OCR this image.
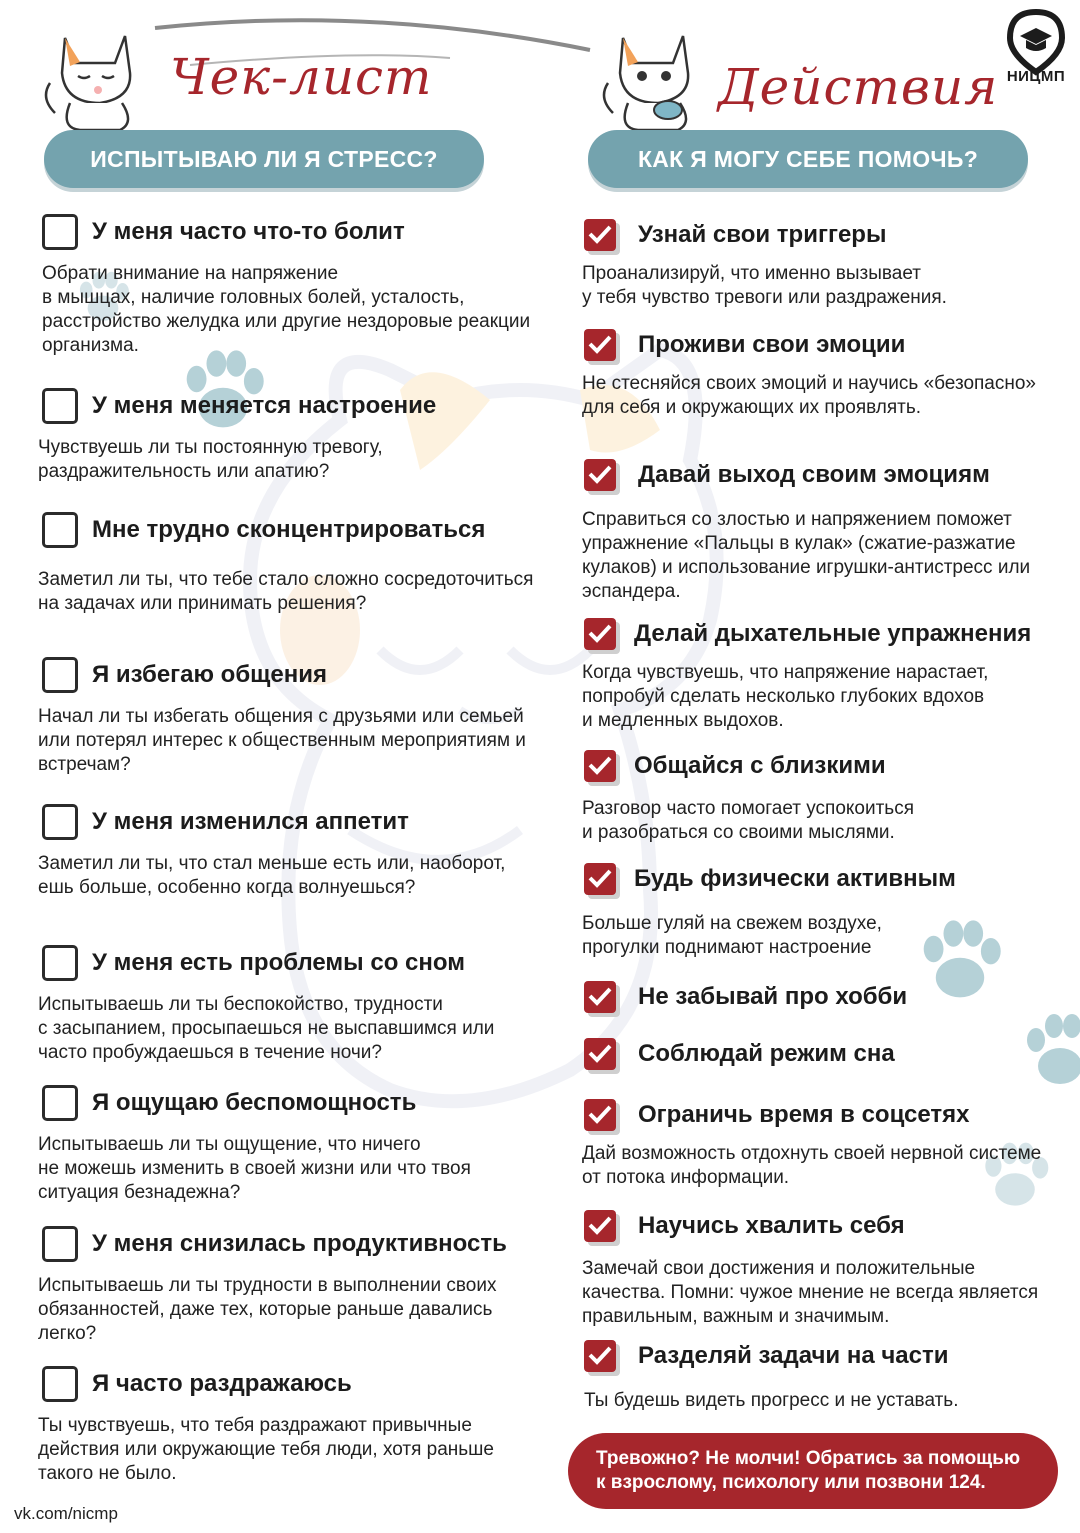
Чек-лист
ИСПЫТЫВАЮ ЛИ Я СТРЕСС?
Действия
КАК Я МОГУ СЕБЕ ПОМОЧЬ?
НИЦМП
У меня часто что-то болит
Обрати внимание на напряжение
в мышцах, наличие головных болей, усталость, расстройство желудка или другие нездоровые реакции организма.
У меня меняется настроение
Чувствуешь ли ты постоянную тревогу, раздражительность или апатию?
Мне трудно сконцентрироваться
Заметил ли ты, что тебе стало сложно сосредоточиться на задачах или принимать решения?
Я избегаю общения
Начал ли ты избегать общения с друзьями или семьей или потерял интерес к общественным мероприятиям и встречам?
У меня изменился аппетит
Заметил ли ты, что стал меньше есть или, наоборот, ешь больше, особенно когда волнуешься?
У меня есть проблемы со сном
Испытываешь ли ты беспокойство, трудности
с засыпанием, просыпаешься не выспавшимся или часто пробуждаешься в течение ночи?
Я ощущаю беспомощность
Испытываешь ли ты ощущение, что ничего
не можешь изменить в своей жизни или что твоя ситуация безнадежна?
У меня снизилась продуктивность
Испытываешь ли ты трудности в выполнении своих обязанностей, даже тех, которые раньше давались легко?
Я часто раздражаюсь
Ты чувствуешь, что тебя раздражают привычные действия или окружающие тебя люди, хотя раньше такого не было.
Узнай свои триггеры
Проанализируй, что именно вызывает
у тебя чувство тревоги или раздражения.
Проживи свои эмоции
Не стесняйся своих эмоций и научись «безопасно» для себя и окружающих их проявлять.
Давай выход своим эмоциям
Справиться со злостью и напряжением поможет упражнение «Пальцы в кулак» (сжатие-разжатие кулаков) и использование игрушки-антистресс или эспандера.
Делай дыхательные упражнения
Когда чувствуешь, что напряжение нарастает, попробуй сделать несколько глубоких вдохов
и медленных выдохов.
Общайся с близкими
Разговор часто помогает успокоиться
и разобраться со своими мыслями.
Будь физически активным
Больше гуляй на свежем воздухе,
прогулки поднимают настроение
Не забывай про хобби
Соблюдай режим сна
Ограничь время в соцсетях
Дай возможность отдохнуть своей нервной системе от потока информации.
Научись хвалить себя
Замечай свои достижения и положительные качества. Помни: чужое мнение не всегда является правильным, важным и значимым.
Разделяй задачи на части
Ты будешь видеть прогресс и не уставать.
Тревожно? Не молчи! Обратись за помощью
к взрослому, психологу или позвони 124.
vk.com/nicmp
